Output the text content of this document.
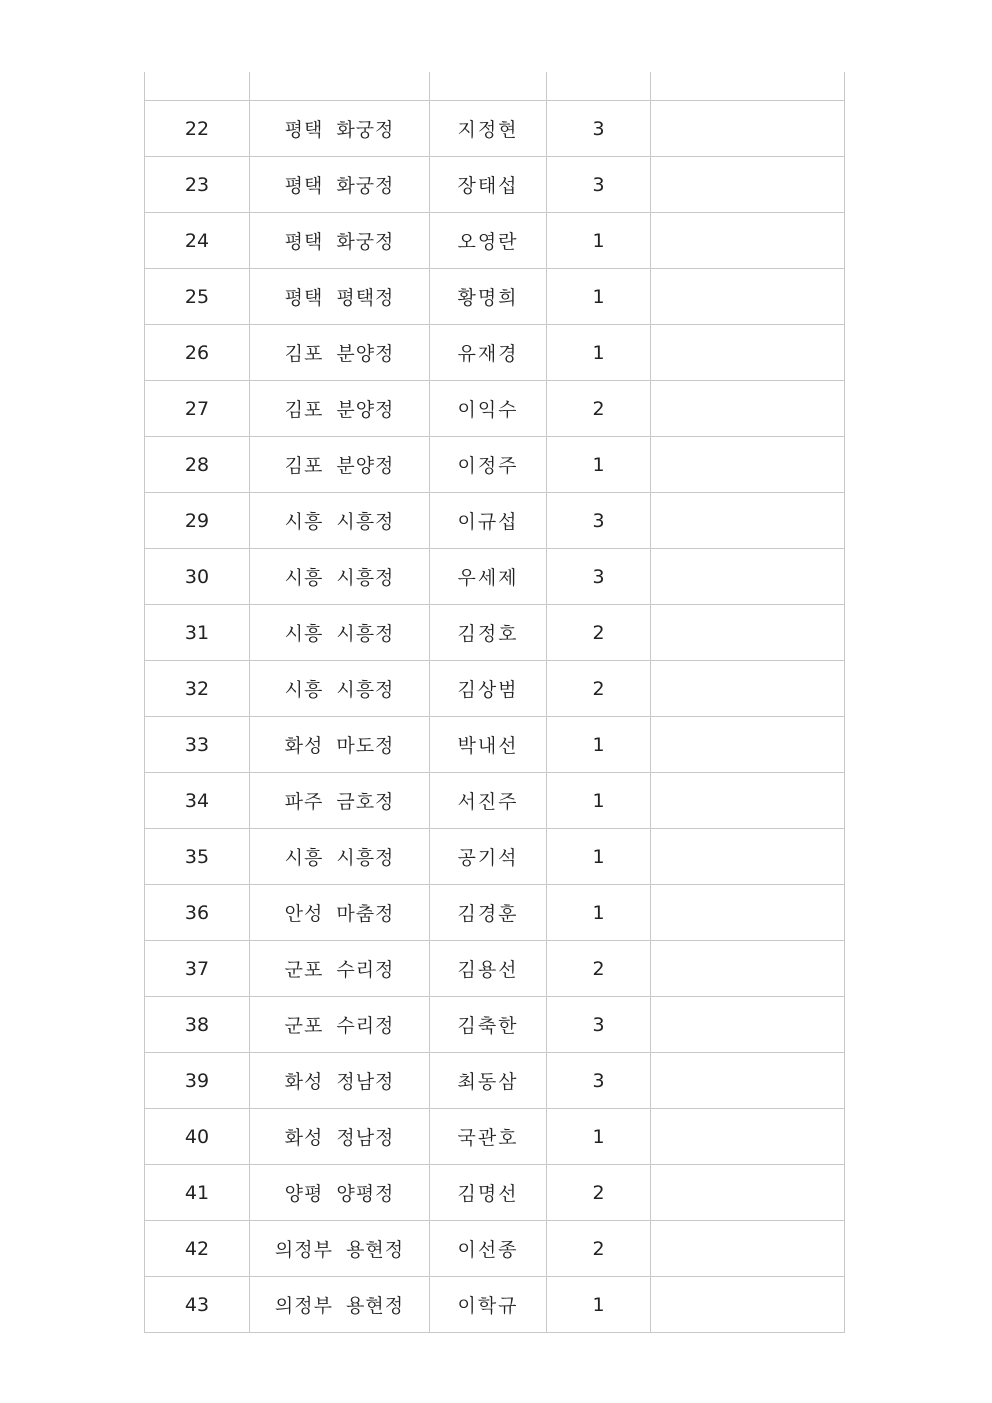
22	평택 화궁정	지정현	3	
23	평택 화궁정	장태섭	3	
24	평택 화궁정	오영란	1	
25	평택 평택정	황명희	1	
26	김포 분양정	유재경	1	
27	김포 분양정	이익수	2	
28	김포 분양정	이정주	1	
29	시흥 시흥정	이규섭	3	
30	시흥 시흥정	우세제	3	
31	시흥 시흥정	김정호	2	
32	시흥 시흥정	김상범	2	
33	화성 마도정	박내선	1	
34	파주 금호정	서진주	1	
35	시흥 시흥정	공기석	1	
36	안성 마춤정	김경훈	1	
37	군포 수리정	김용선	2	
38	군포 수리정	김축한	3	
39	화성 정남정	최동삼	3	
40	화성 정남정	국관호	1	
41	양평 양평정	김명선	2	
42	의정부 용현정	이선종	2	
43	의정부 용현정	이학규	1	
